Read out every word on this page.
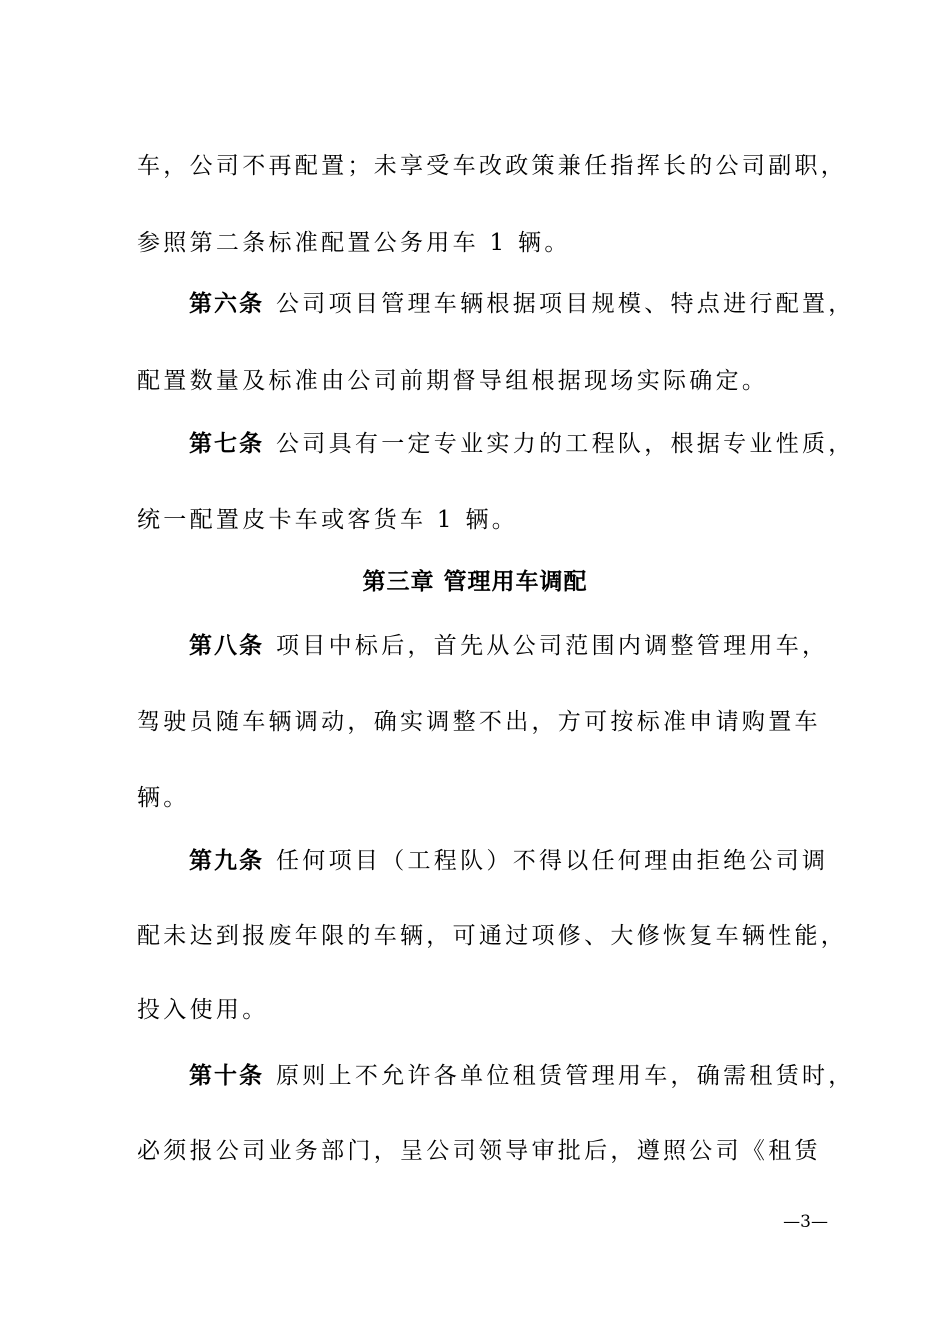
车，公司不再配置；未享受车改政策兼任指挥长的公司副职，
参照第二条标准配置公务用车 1 辆。
第六条 公司项目管理车辆根据项目规模、特点进行配置，
配置数量及标准由公司前期督导组根据现场实际确定。
第七条 公司具有一定专业实力的工程队，根据专业性质，
统一配置皮卡车或客货车 1 辆。
第三章 管理用车调配
第八条 项目中标后，首先从公司范围内调整管理用车，
驾驶员随车辆调动，确实调整不出，方可按标准申请购置车
辆。
第九条 任何项目（工程队）不得以任何理由拒绝公司调
配未达到报废年限的车辆，可通过项修、大修恢复车辆性能，
投入使用。
第十条 原则上不允许各单位租赁管理用车，确需租赁时，
必须报公司业务部门，呈公司领导审批后，遵照公司《租赁
—3—
